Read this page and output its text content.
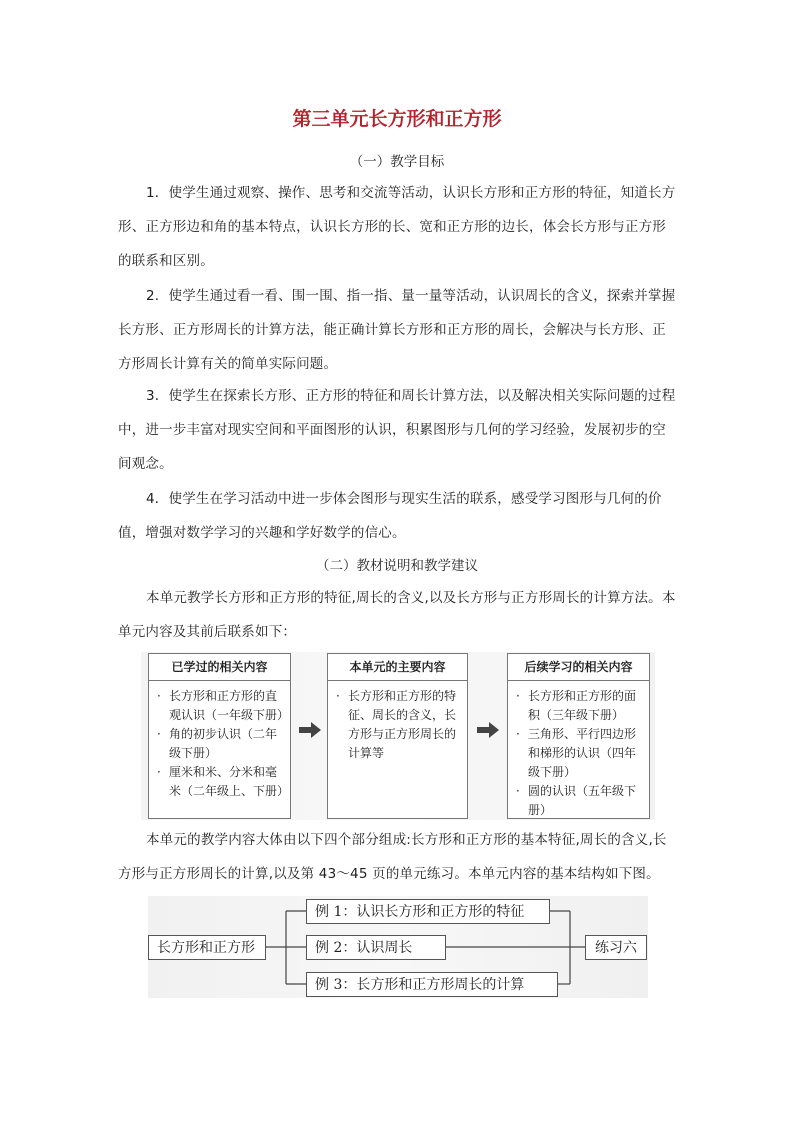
第三单元长方形和正方形
（一）教学目标

1．使学生通过观察、操作、思考和交流等活动，认识长方形和正方形的特征，知道长方形、正方形边和角的基本特点，认识长方形的长、宽和正方形的边长，体会长方形与正方形的联系和区别。

2．使学生通过看一看、围一围、指一指、量一量等活动，认识周长的含义，探索并掌握长方形、正方形周长的计算方法，能正确计算长方形和正方形的周长，会解决与长方形、正方形周长计算有关的简单实际问题。

3．使学生在探索长方形、正方形的特征和周长计算方法，以及解决相关实际问题的过程中，进一步丰富对现实空间和平面图形的认识，积累图形与几何的学习经验，发展初步的空间观念。

4．使学生在学习活动中进一步体会图形与现实生活的联系，感受学习图形与几何的价值，增强对数学学习的兴趣和学好数学的信心。

（二）教材说明和教学建议

本单元教学长方形和正方形的特征,周长的含义,以及长方形与正方形周长的计算方法。本单元内容及其前后联系如下：

已学过的相关内容
· 长方形和正方形的直观认识（一年级下册）
· 角的初步认识（二年级下册）
· 厘米和米、分米和毫米（二年级上、下册）
本单元的主要内容
· 长方形和正方形的特征、周长的含义，长方形与正方形周长的计算等
后续学习的相关内容
· 长方形和正方形的面积（三年级下册）
· 三角形、平行四边形和梯形的认识（四年级下册）
· 圆的认识（五年级下册）

本单元的教学内容大体由以下四个部分组成:长方形和正方形的基本特征,周长的含义,长方形与正方形周长的计算,以及第 43～45 页的单元练习。本单元内容的基本结构如下图。

长方形和正方形
例 1：认识长方形和正方形的特征
例 2：认识周长
例 3：长方形和正方形周长的计算
练习六
